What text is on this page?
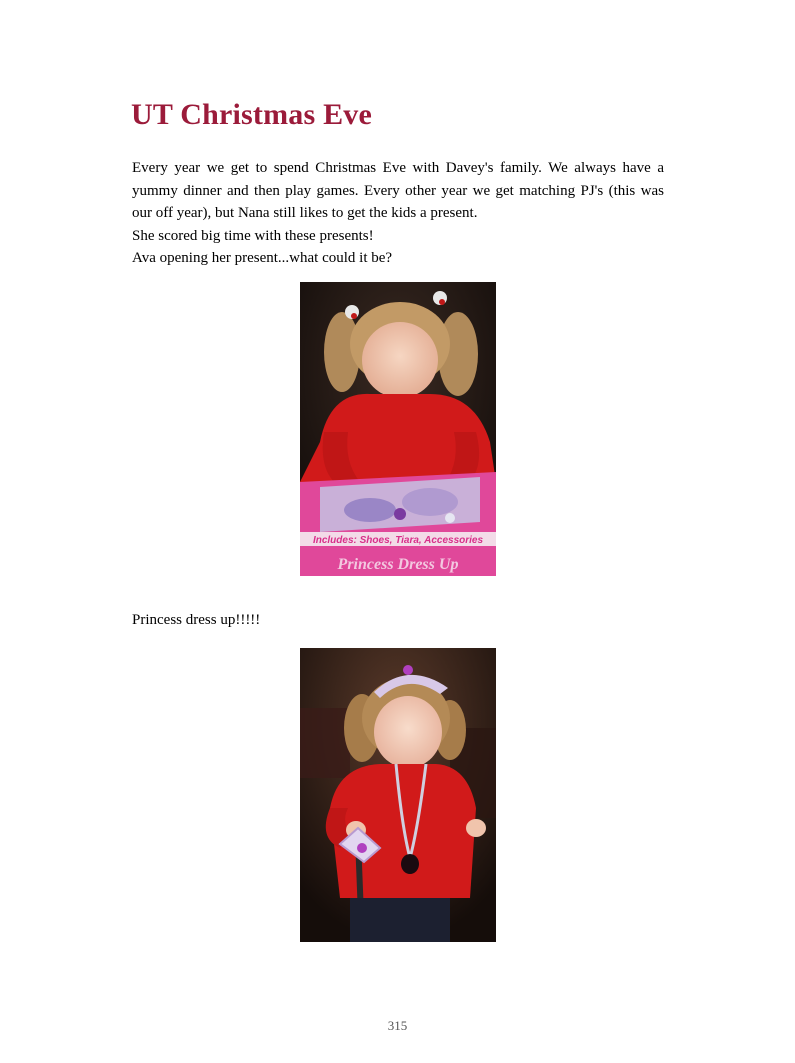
UT Christmas Eve

Every year we get to spend Christmas Eve with Davey's family. We always have a yummy dinner and then play games. Every other year we get matching PJ's (this was our off year), but Nana still likes to get the kids a present.

She scored big time with these presents!

Ava opening her present...what could it be?

Includes: Shoes, Tiara, Accessories
Princess Dress Up

Princess dress up!!!!!

315
